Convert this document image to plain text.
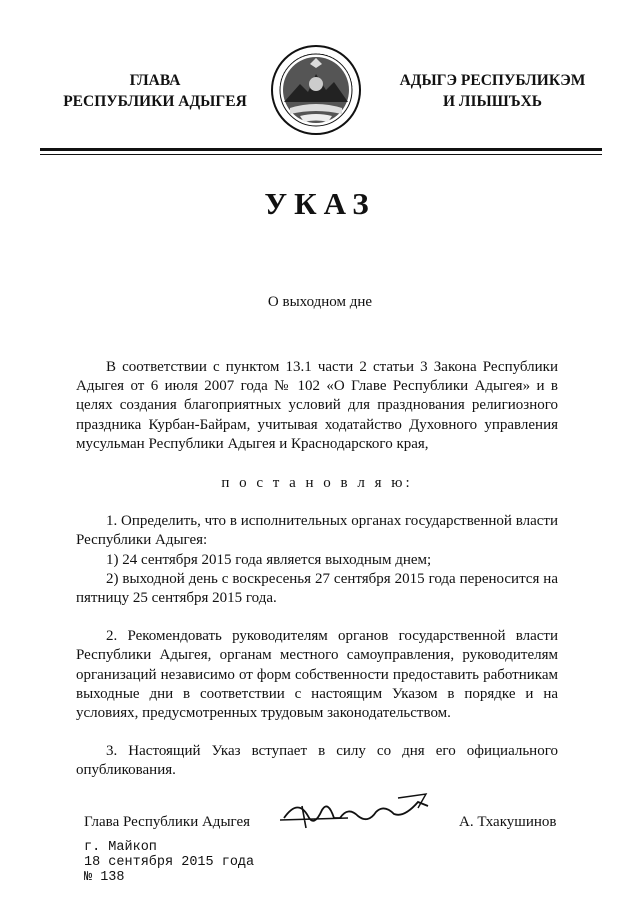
ГЛАВА
РЕСПУБЛИКИ АДЫГЕЯ
АДЫГЭ РЕСПУБЛИКЭМ
И ЛІЫШЪХЬ
УКАЗ
О выходном дне

В соответствии с пунктом 13.1 части 2 статьи 3 Закона Республики Адыгея от 6 июля 2007 года № 102 «О Главе Республики Адыгея» и в целях создания благоприятных условий для празднования религиозного праздника Курбан-Байрам, учитывая ходатайство Духовного управления мусульман Республики Адыгея и Краснодарского края,

п о с т а н о в л я ю:

1. Определить, что в исполнительных органах государственной власти Республики Адыгея:

1) 24 сентября 2015 года является выходным днем;

2) выходной день с воскресенья 27 сентября 2015 года переносится на пятницу 25 сентября 2015 года.

2. Рекомендовать руководителям органов государственной власти Республики Адыгея, органам местного самоуправления, руководителям организаций независимо от форм собственности предоставить работникам выходные дни в соответствии с настоящим Указом в порядке и на условиях, предусмотренных трудовым законодательством.

3. Настоящий Указ вступает в силу со дня его официального опубликования.

Глава Республики Адыгея	А. Тхакушинов
г. Майкоп
18 сентября 2015 года
№ 138
